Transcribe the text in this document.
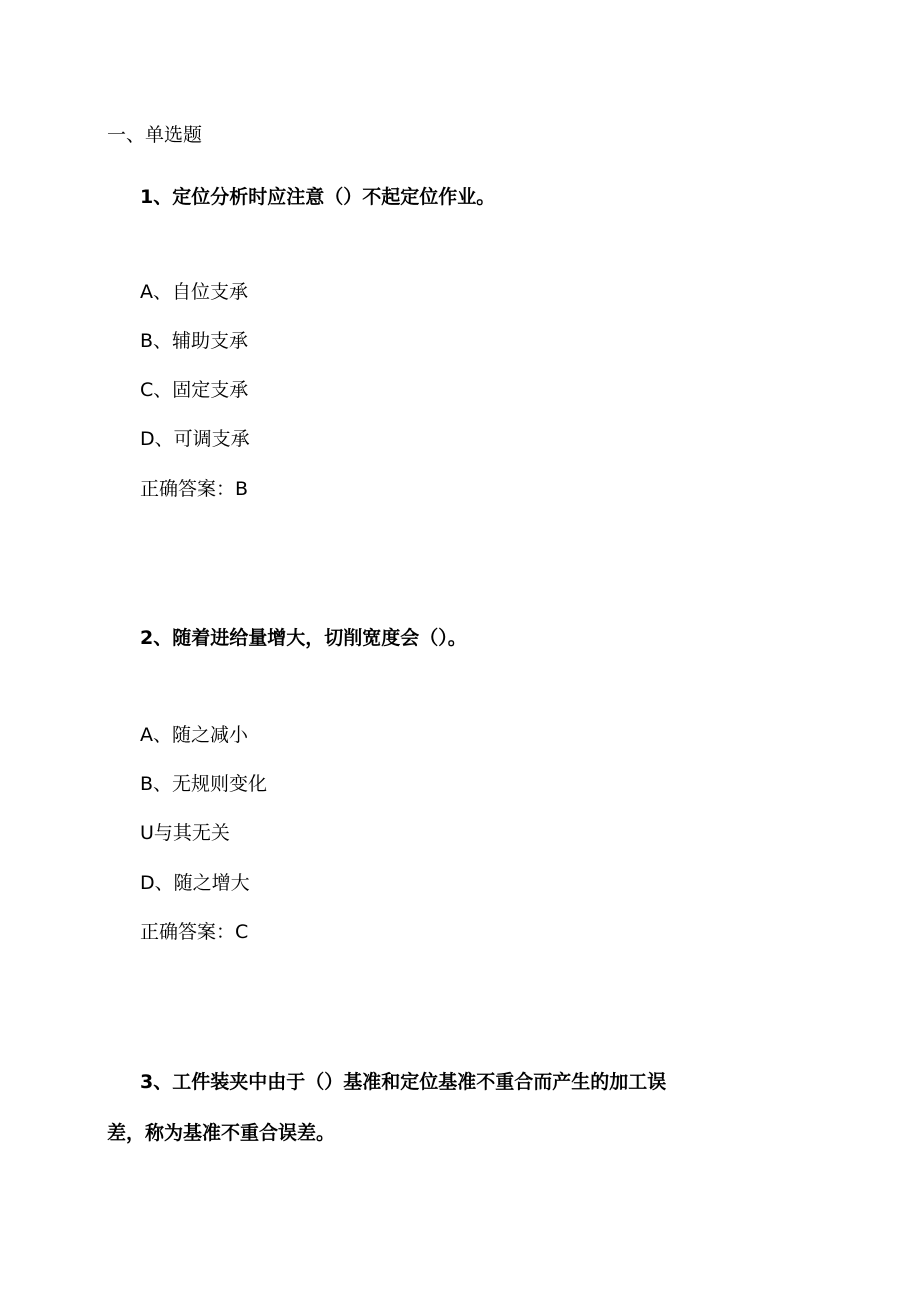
一、单选题
1、定位分析时应注意（）不起定位作业。
A、自位支承
B、辅助支承
C、固定支承
D、可调支承
正确答案：B
2、随着进给量增大，切削宽度会（）。
A、随之减小
B、无规则变化
U与其无关
D、随之增大
正确答案：C
3、工件装夹中由于（）基准和定位基准不重合而产生的加工误
差，称为基准不重合误差。
